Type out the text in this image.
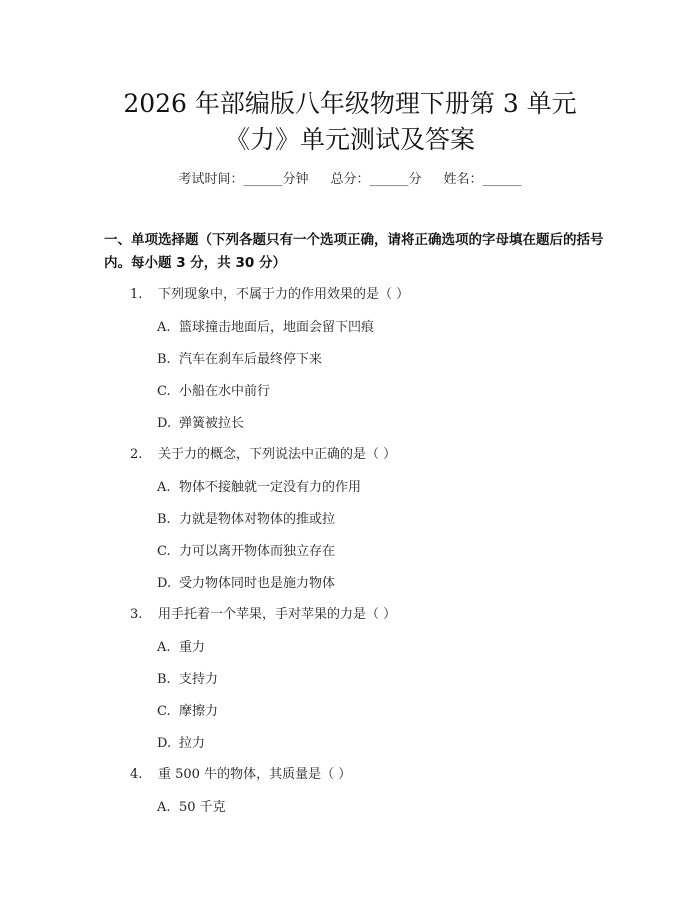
2026 年部编版八年级物理下册第 3 单元
《力》单元测试及答案
考试时间：______分钟 总分：______分 姓名：______
一、单项选择题（下列各题只有一个选项正确，请将正确选项的字母填在题后的括号内。每小题 3 分，共 30 分）
1. 下列现象中，不属于力的作用效果的是（ ）
A. 篮球撞击地面后，地面会留下凹痕
B. 汽车在刹车后最终停下来
C. 小船在水中前行
D. 弹簧被拉长
2. 关于力的概念，下列说法中正确的是（ ）
A. 物体不接触就一定没有力的作用
B. 力就是物体对物体的推或拉
C. 力可以离开物体而独立存在
D. 受力物体同时也是施力物体
3. 用手托着一个苹果，手对苹果的力是（ ）
A. 重力
B. 支持力
C. 摩擦力
D. 拉力
4. 重 500 牛的物体，其质量是（ ）
A. 50 千克
